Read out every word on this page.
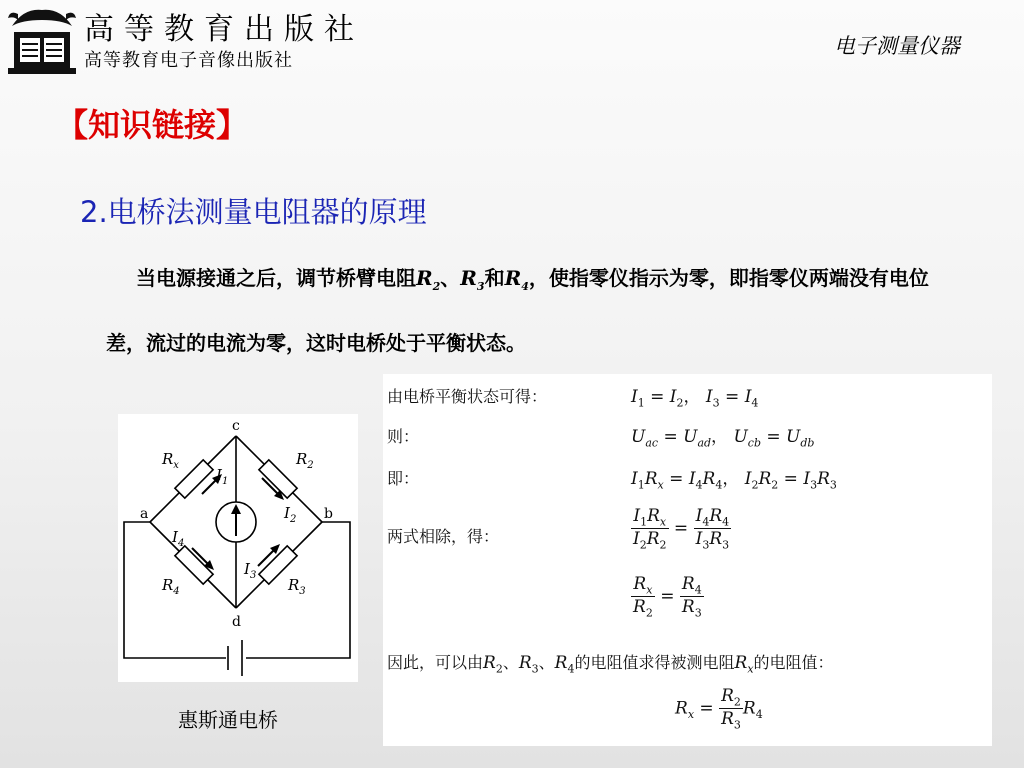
高等教育出版社
高等教育电子音像出版社
电子测量仪器
【知识链接】
2.电桥法测量电阻器的原理
当电源接通之后，调节桥臂电阻$R_2$、$R_3$和$R_4$，使指零仪指示为零，即指零仪两端没有电位差，流过的电流为零，这时电桥处于平衡状态。
c
a	b
d
$R_x$	$R_2$
$R_4$	$R_3$
$I_1$
$I_2$
$I_3$
$I_4$
惠斯通电桥
由电桥平衡状态可得：	$I_1 = I_2$， $I_3 = I_4$
则：	$U_{ac} = U_{ad}$， $U_{cb} = U_{db}$
即：	$I_1R_x = I_4R_4$， $I_2R_2 = I_3R_3$
两式相除，得：	$\frac{I_1R_x}{I_2R_2} = \frac{I_4R_4}{I_3R_3}$
$\frac{R_x}{R_2} = \frac{R_4}{R_3}$
因此，可以由$R_2$、$R_3$、$R_4$的电阻值求得被测电阻$R_x$的电阻值：
$R_x = \frac{R_2}{R_3} R_4$
